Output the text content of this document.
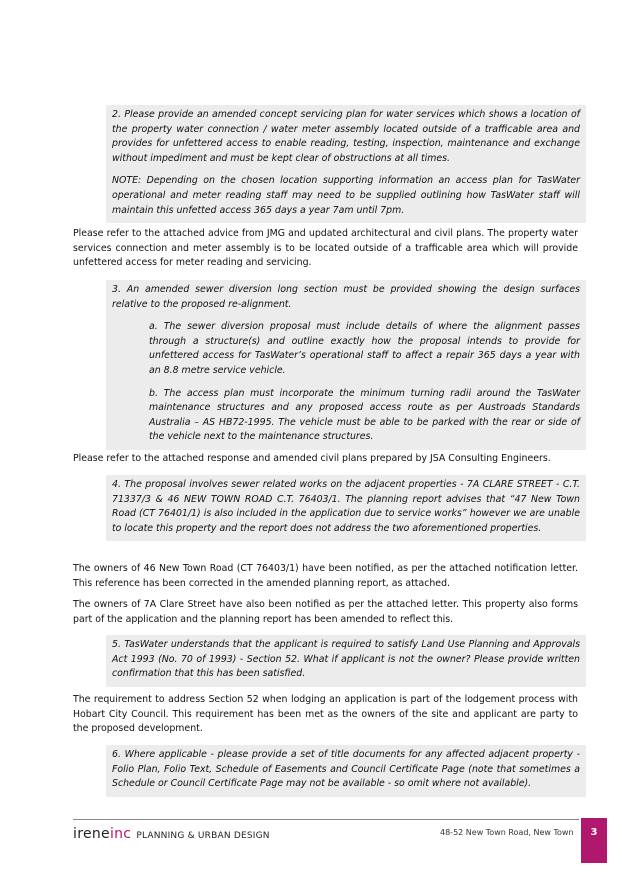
2. Please provide an amended concept servicing plan for water services which shows a location of the property water connection / water meter assembly located outside of a trafficable area and provides for unfettered access to enable reading, testing, inspection, maintenance and exchange without impediment and must be kept clear of obstructions at all times.

NOTE: Depending on the chosen location supporting information an access plan for TasWater operational and meter reading staff may need to be supplied outlining how TasWater staff will maintain this unfetted access 365 days a year 7am until 7pm.

Please refer to the attached advice from JMG and updated architectural and civil plans. The property water services connection and meter assembly is to be located outside of a trafficable area which will provide unfettered access for meter reading and servicing.

3. An amended sewer diversion long section must be provided showing the design surfaces relative to the proposed re-alignment.

a. The sewer diversion proposal must include details of where the alignment passes through a structure(s) and outline exactly how the proposal intends to provide for unfettered access for TasWater’s operational staff to affect a repair 365 days a year with an 8.8 metre service vehicle.

b. The access plan must incorporate the minimum turning radii around the TasWater maintenance structures and any proposed access route as per Austroads Standards Australia – AS HB72-1995. The vehicle must be able to be parked with the rear or side of the vehicle next to the maintenance structures.

Please refer to the attached response and amended civil plans prepared by JSA Consulting Engineers.

4. The proposal involves sewer related works on the adjacent properties - 7A CLARE STREET - C.T. 71337/3 & 46 NEW TOWN ROAD C.T. 76403/1. The planning report advises that “47 New Town Road (CT 76401/1) is also included in the application due to service works” however we are unable to locate this property and the report does not address the two aforementioned properties.

The owners of 46 New Town Road (CT 76403/1) have been notified, as per the attached notification letter. This reference has been corrected in the amended planning report, as attached.

The owners of 7A Clare Street have also been notified as per the attached letter. This property also forms part of the application and the planning report has been amended to reflect this.

5. TasWater understands that the applicant is required to satisfy Land Use Planning and Approvals Act 1993 (No. 70 of 1993) - Section 52. What if applicant is not the owner? Please provide written confirmation that this has been satisfied.

The requirement to address Section 52 when lodging an application is part of the lodgement process with Hobart City Council. This requirement has been met as the owners of the site and applicant are party to the proposed development.

6. Where applicable - please provide a set of title documents for any affected adjacent property - Folio Plan, Folio Text, Schedule of Easements and Council Certificate Page (note that sometimes a Schedule or Council Certificate Page may not be available - so omit where not available).

ireneinc PLANNING & URBAN DESIGN	48-52 New Town Road, New Town	3
